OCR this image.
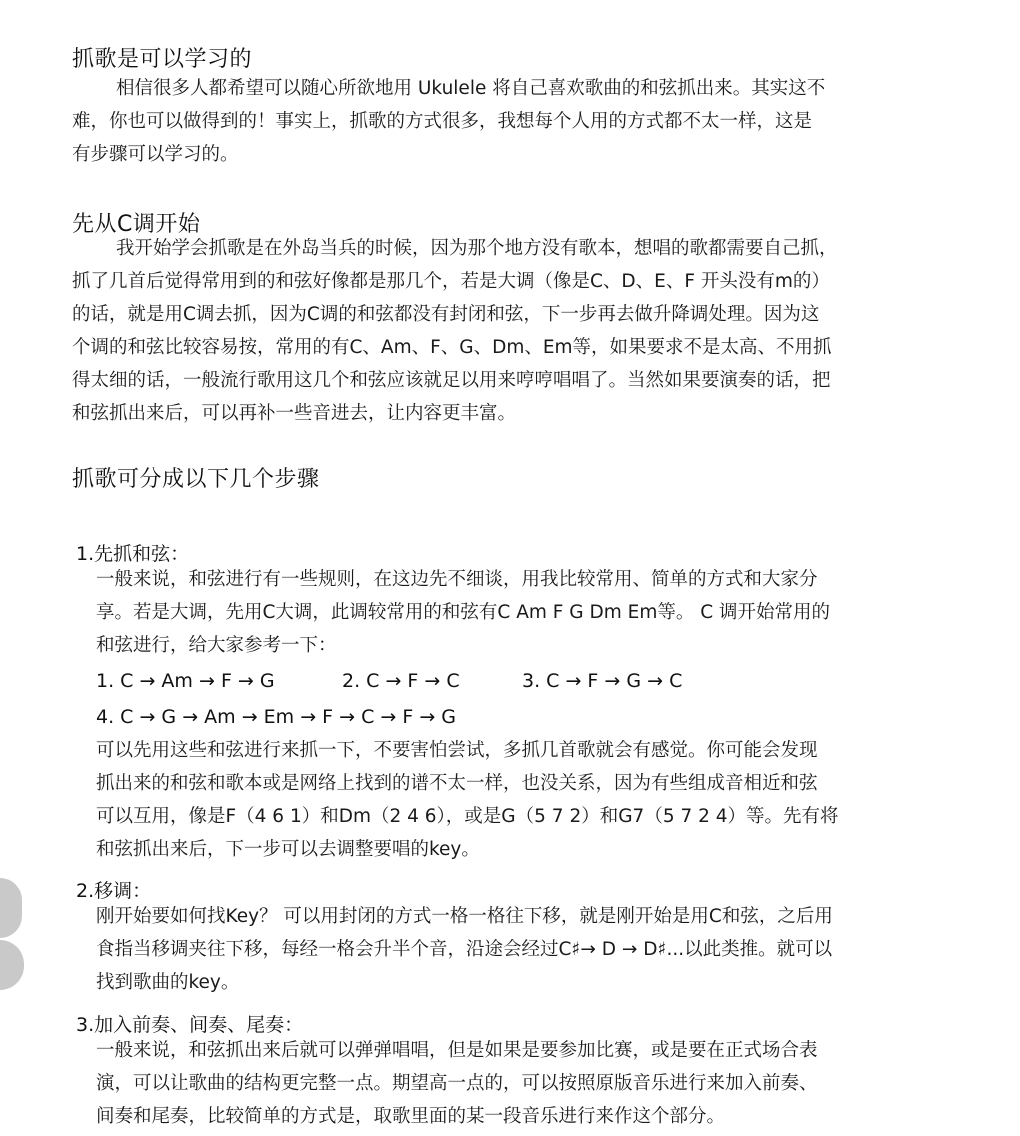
抓歌是可以学习的

相信很多人都希望可以随心所欲地用 Ukulele 将自己喜欢歌曲的和弦抓出来。其实这不

难，你也可以做得到的！事实上，抓歌的方式很多，我想每个人用的方式都不太一样，这是

有步骤可以学习的。

先从C调开始

我开始学会抓歌是在外岛当兵的时候，因为那个地方没有歌本，想唱的歌都需要自己抓，

抓了几首后觉得常用到的和弦好像都是那几个，若是大调（像是C、D、E、F 开头没有m的）

的话，就是用C调去抓，因为C调的和弦都没有封闭和弦，下一步再去做升降调处理。因为这

个调的和弦比较容易按，常用的有C、Am、F、G、Dm、Em等，如果要求不是太高、不用抓

得太细的话，一般流行歌用这几个和弦应该就足以用来哼哼唱唱了。当然如果要演奏的话，把

和弦抓出来后，可以再补一些音进去，让内容更丰富。

抓歌可分成以下几个步骤
1.先抓和弦：

一般来说，和弦进行有一些规则，在这边先不细谈，用我比较常用、简单的方式和大家分

享。若是大调，先用C大调，此调较常用的和弦有C Am F G Dm Em等。 C 调开始常用的

和弦进行，给大家参考一下：

1. C → Am → F → G	2. C → F → C	3. C → F → G → C
4. C → G → Am → Em → F → C → F → G

可以先用这些和弦进行来抓一下，不要害怕尝试，多抓几首歌就会有感觉。你可能会发现

抓出来的和弦和歌本或是网络上找到的谱不太一样，也没关系，因为有些组成音相近和弦

可以互用，像是F（4 6 1）和Dm（2 4 6），或是G（5 7 2）和G7（5 7 2 4）等。先有将

和弦抓出来后，下一步可以去调整要唱的key。

2.移调：

刚开始要如何找Key？ 可以用封闭的方式一格一格往下移，就是刚开始是用C和弦，之后用

食指当移调夹往下移，每经一格会升半个音，沿途会经过C♯→ D → D♯...以此类推。就可以

找到歌曲的key。

3.加入前奏、间奏、尾奏：

一般来说，和弦抓出来后就可以弹弹唱唱，但是如果是要参加比赛，或是要在正式场合表

演，可以让歌曲的结构更完整一点。期望高一点的，可以按照原版音乐进行来加入前奏、

间奏和尾奏，比较简单的方式是，取歌里面的某一段音乐进行来作这个部分。
